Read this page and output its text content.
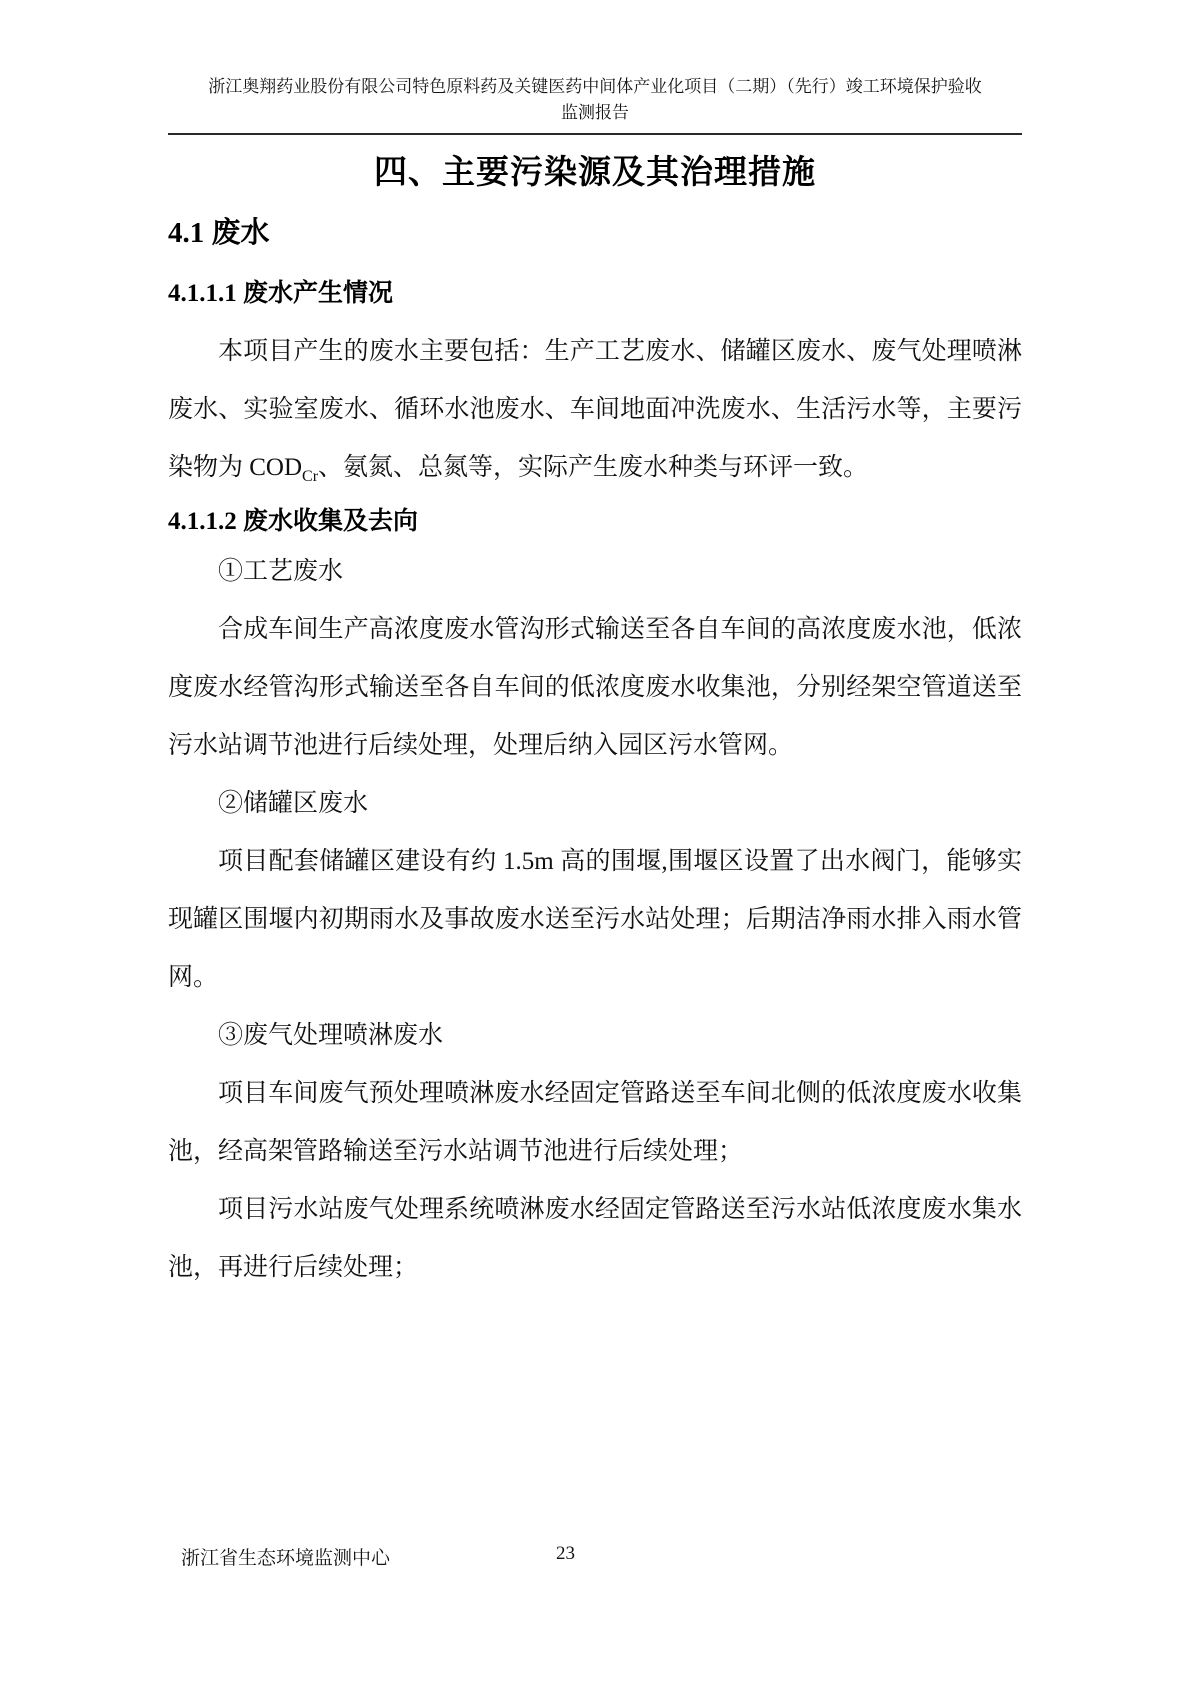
浙江奥翔药业股份有限公司特色原料药及关键医药中间体产业化项目（二期）（先行）竣工环境保护验收
监测报告
四、主要污染源及其治理措施
4.1 废水
4.1.1.1 废水产生情况

本项目产生的废水主要包括：生产工艺废水、储罐区废水、废气处理喷淋废水、实验室废水、循环水池废水、车间地面冲洗废水、生活污水等，主要污染物为 $COD_{Cr}$、氨氮、总氮等，实际产生废水种类与环评一致。

4.1.1.2 废水收集及去向

①工艺废水

合成车间生产高浓度废水管沟形式输送至各自车间的高浓度废水池，低浓度废水经管沟形式输送至各自车间的低浓度废水收集池，分别经架空管道送至污水站调节池进行后续处理，处理后纳入园区污水管网。

②储罐区废水

项目配套储罐区建设有约 1.5m 高的围堰,围堰区设置了出水阀门，能够实现罐区围堰内初期雨水及事故废水送至污水站处理；后期洁净雨水排入雨水管网。

③废气处理喷淋废水

项目车间废气预处理喷淋废水经固定管路送至车间北侧的低浓度废水收集池，经高架管路输送至污水站调节池进行后续处理；

项目污水站废气处理系统喷淋废水经固定管路送至污水站低浓度废水集水池，再进行后续处理；

浙江省生态环境监测中心	23
